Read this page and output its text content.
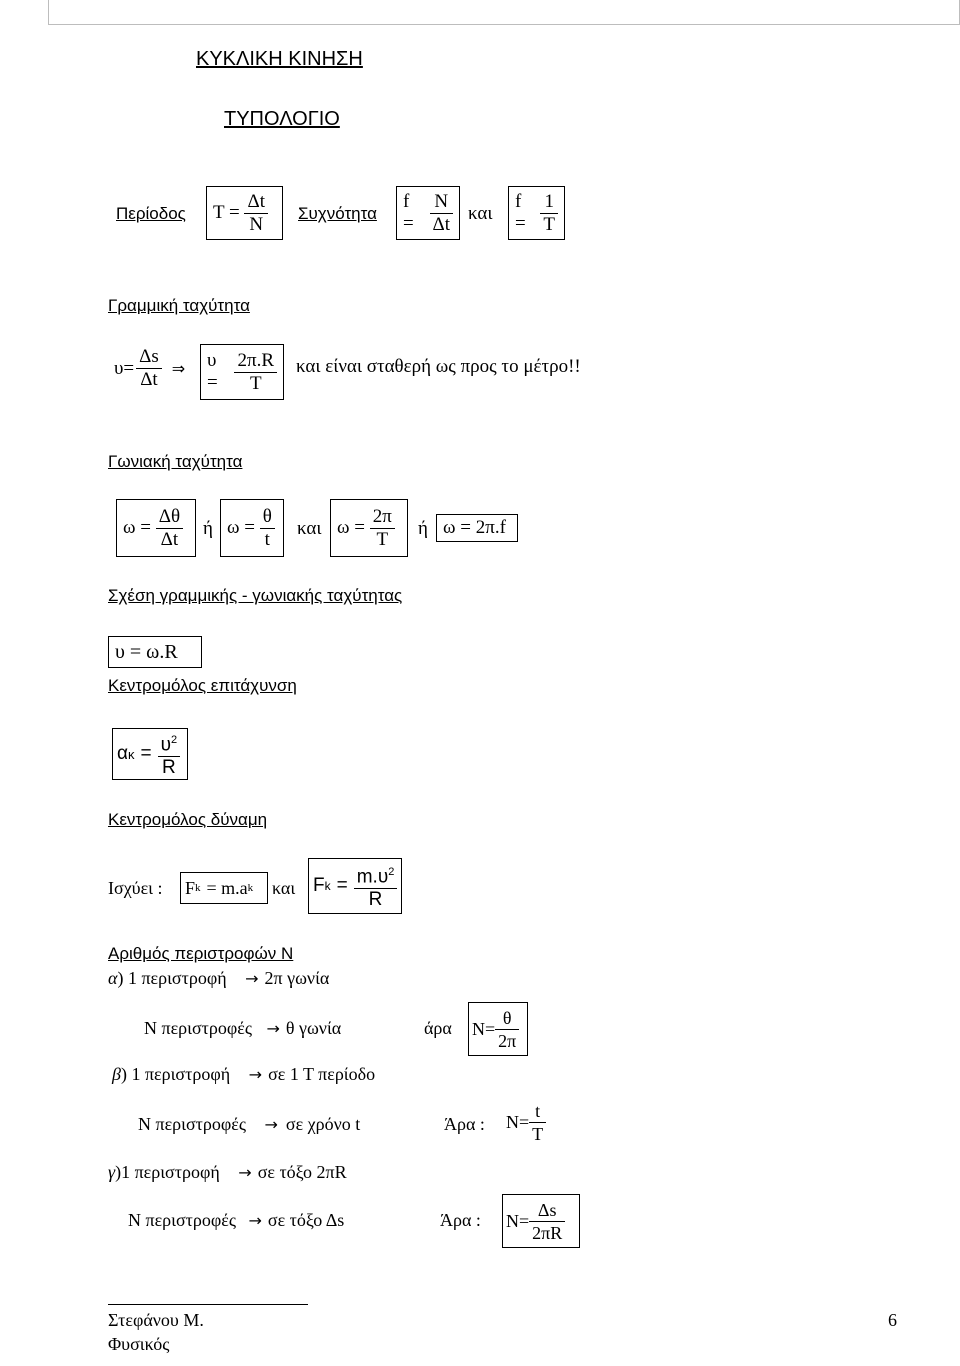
ΚΥΚΛΙΚΗ ΚΙΝΗΣΗ
ΤΥΠΟΛΟΓΙΟ
Περίοδος T =
$\frac{\Delta t}{N}$ Συχνότητα
f =
$\frac{N}{\Delta t}$ και
f =
$\frac{1}{T}$
Γραμμική ταχύτητα
$\upsilon= \frac{\Delta s}{\Delta t}$ ⇒ υ =
$\frac{2\pi.R}{T}$ και είναι σταθερή ως προς το μέτρο!!
Γωνιακή ταχύτητα
ω =
$\frac{\Delta\theta}{\Delta t}$ ή ω =
$\frac{\theta}{t}$ και ω =
$\frac{2\pi}{T}$ ή ω = 2π.f
Σχέση γραμμικής - γωνιακής ταχύτητας
υ = ω.R
Κεντρομόλος επιτάχυνση
α $\kappa = \frac{\upsilon^2}{R}$
Κεντρομόλος δύναμη
Ισχύει : F k = m.a k και F $k = \frac{m.\upsilon^2}{R}$
Αριθμός περιστροφών Ν
α) 1 περιστροφή → 2π γωνία
Ν περιστροφές → θ γωνία	άρα $N= \frac{\theta}{2\pi}$
β) 1 περιστροφή → σε 1 Τ περίοδο
Ν περιστροφές → σε χρόνο t	Άρα : $N= \frac{t}{T}$
γ)1 περιστροφή → σε τόξο 2πR
Ν περιστροφές → σε τόξο Δs	Άρα : $N= \frac{\Delta s}{2\pi R}$
Στεφάνου Μ.
Φυσικός
6
